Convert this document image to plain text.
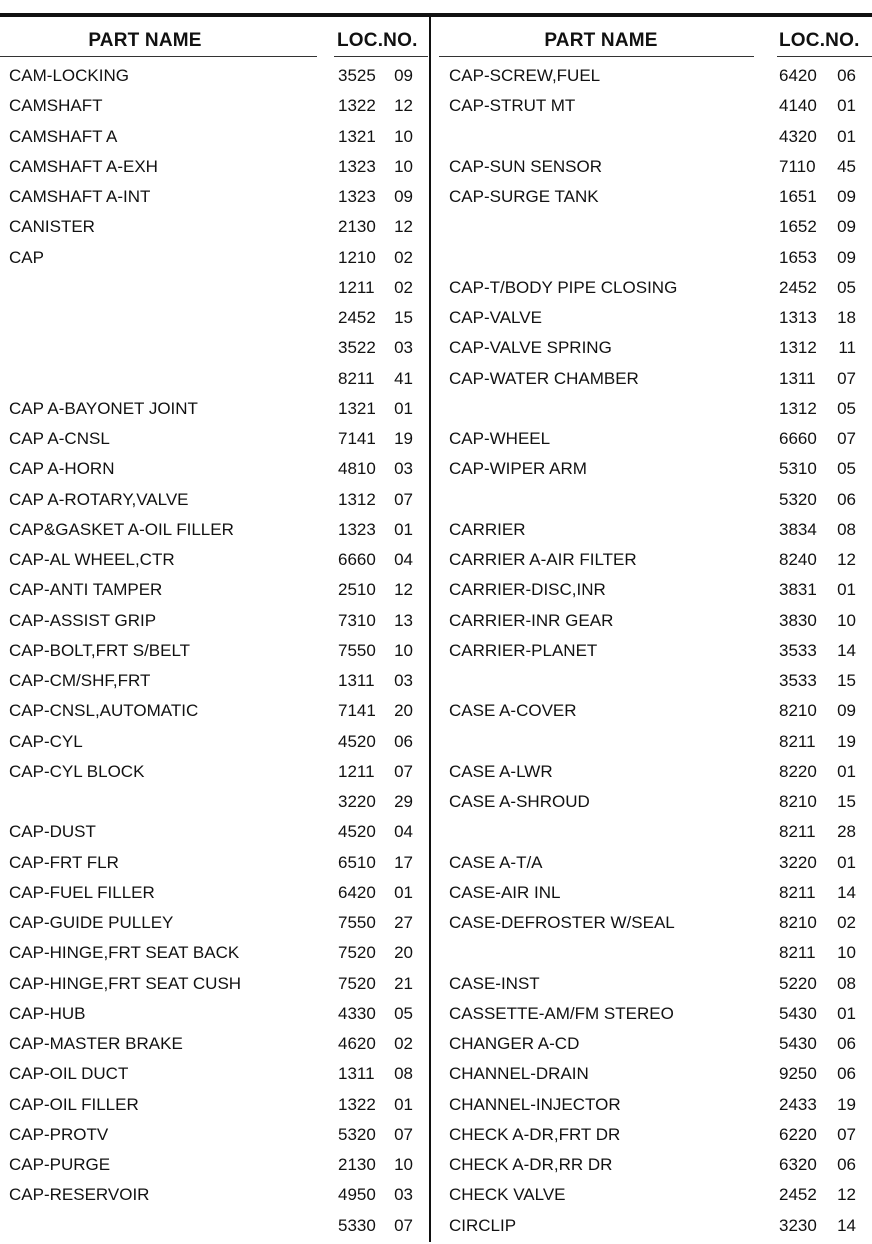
PART NAME	LOC.NO.
CAM-LOCKING	3525 09
CAMSHAFT	1322 12
CAMSHAFT A	1321 10
CAMSHAFT A-EXH	1323 10
CAMSHAFT A-INT	1323 09
CANISTER	2130 12
CAP	1210 02
1211 02
2452 15
3522 03
8211 41
CAP A-BAYONET JOINT	1321 01
CAP A-CNSL	7141 19
CAP A-HORN	4810 03
CAP A-ROTARY,VALVE	1312 07
CAP&GASKET A-OIL FILLER	1323 01
CAP-AL WHEEL,CTR	6660 04
CAP-ANTI TAMPER	2510 12
CAP-ASSIST GRIP	7310 13
CAP-BOLT,FRT S/BELT	7550 10
CAP-CM/SHF,FRT	1311 03
CAP-CNSL,AUTOMATIC	7141 20
CAP-CYL	4520 06
CAP-CYL BLOCK	1211 07
3220 29
CAP-DUST	4520 04
CAP-FRT FLR	6510 17
CAP-FUEL FILLER	6420 01
CAP-GUIDE PULLEY	7550 27
CAP-HINGE,FRT SEAT BACK	7520 20
CAP-HINGE,FRT SEAT CUSH	7520 21
CAP-HUB	4330 05
CAP-MASTER BRAKE	4620 02
CAP-OIL DUCT	1311 08
CAP-OIL FILLER	1322 01
CAP-PROTV	5320 07
CAP-PURGE	2130 10
CAP-RESERVOIR	4950 03
5330 07
PART NAME	LOC.NO.
CAP-SCREW,FUEL	6420 06
CAP-STRUT MT	4140 01
4320 01
CAP-SUN SENSOR	7110 45
CAP-SURGE TANK	1651 09
1652 09
1653 09
CAP-T/BODY PIPE CLOSING	2452 05
CAP-VALVE	1313 18
CAP-VALVE SPRING	1312	11
CAP-WATER CHAMBER	1311 07
1312 05
CAP-WHEEL	6660 07
CAP-WIPER ARM	5310 05
5320 06
CARRIER	3834 08
CARRIER A-AIR FILTER	8240 12
CARRIER-DISC,INR	3831 01
CARRIER-INR GEAR	3830 10
CARRIER-PLANET	3533 14
3533 15
CASE A-COVER	8210 09
8211 19
CASE A-LWR	8220 01
CASE A-SHROUD	8210 15
8211 28
CASE A-T/A	3220 01
CASE-AIR INL	8211 14
CASE-DEFROSTER W/SEAL	8210 02
8211 10
CASE-INST	5220 08
CASSETTE-AM/FM STEREO	5430 01
CHANGER A-CD	5430 06
CHANNEL-DRAIN	9250 06
CHANNEL-INJECTOR	2433 19
CHECK A-DR,FRT DR	6220 07
CHECK A-DR,RR DR	6320 06
CHECK VALVE	2452 12
CIRCLIP	3230 14
